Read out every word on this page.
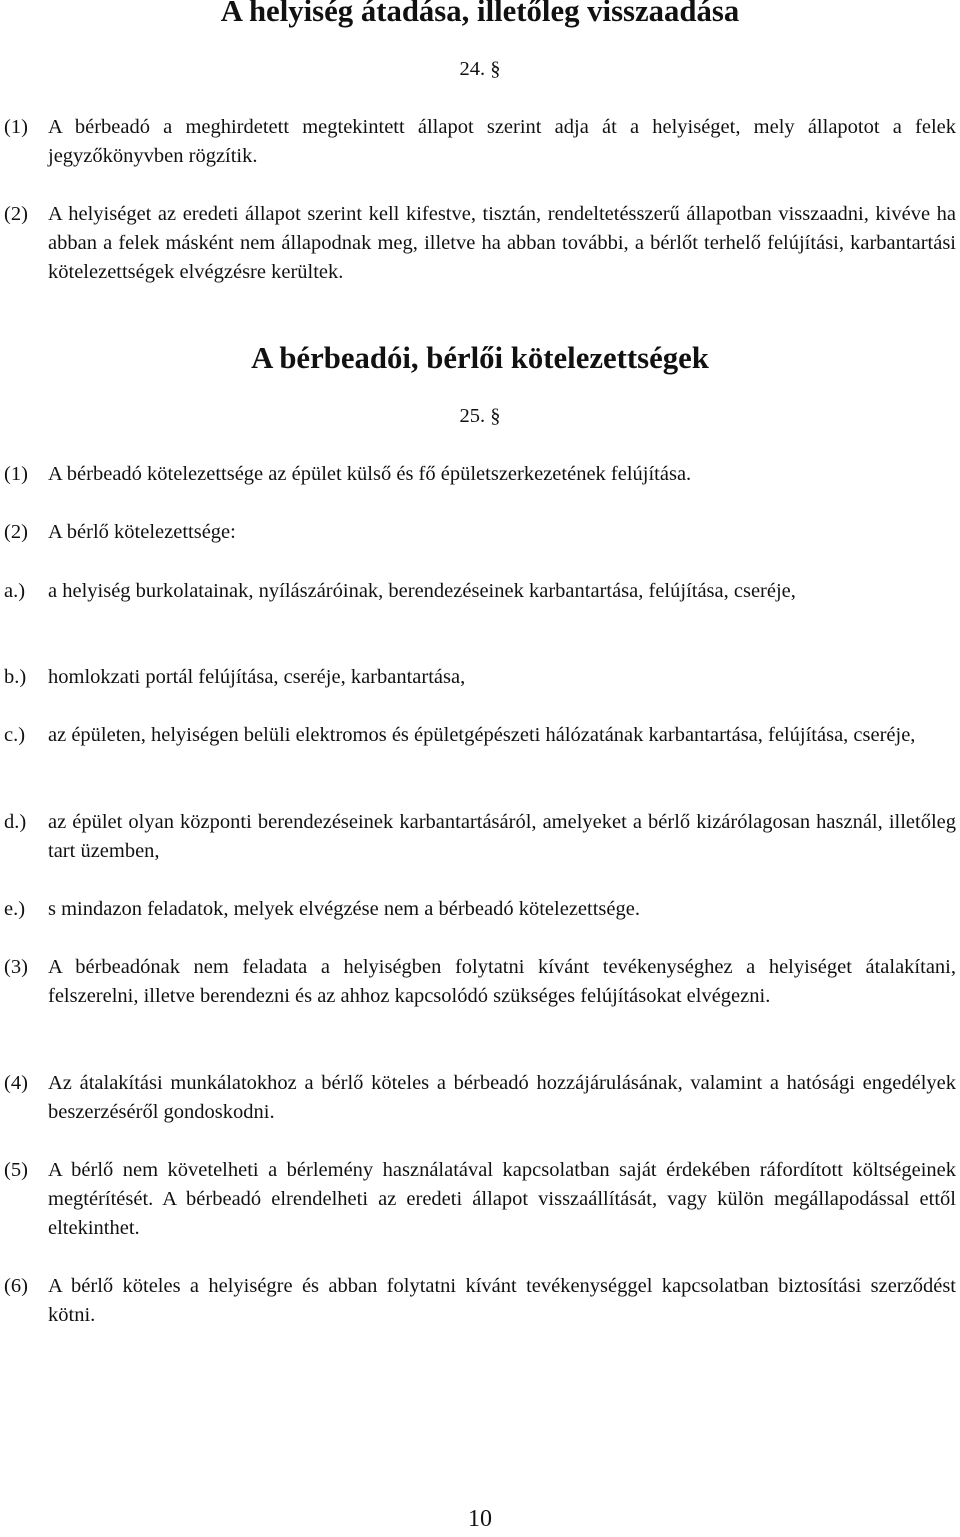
A helyiség átadása, illetőleg visszaadása

24. §

(1) A bérbeadó a meghirdetett megtekintett állapot szerint adja át a helyiséget, mely állapotot a felek jegyzőkönyvben rögzítik.
(2) A helyiséget az eredeti állapot szerint kell kifestve, tisztán, rendeltetésszerű állapotban visszaadni, kivéve ha abban a felek másként nem állapodnak meg, illetve ha abban további, a bérlőt terhelő felújítási, karbantartási kötelezettségek elvégzésre kerültek.
A bérbeadói, bérlői kötelezettségek

25. §

(1) A bérbeadó kötelezettsége az épület külső és fő épületszerkezetének felújítása.
(2) A bérlő kötelezettsége:
a.) a helyiség burkolatainak, nyílászáróinak, berendezéseinek karbantartása, felújítása, cseréje,
b.) homlokzati portál felújítása, cseréje, karbantartása,
c.) az épületen, helyiségen belüli elektromos és épületgépészeti hálózatának karbantartása, felújítása, cseréje,
d.) az épület olyan központi berendezéseinek karbantartásáról, amelyeket a bérlő kizárólagosan használ, illetőleg tart üzemben,
e.) s mindazon feladatok, melyek elvégzése nem a bérbeadó kötelezettsége.
(3) A bérbeadónak nem feladata a helyiségben folytatni kívánt tevékenységhez a helyiséget átalakítani, felszerelni, illetve berendezni és az ahhoz kapcsolódó szükséges felújításokat elvégezni.
(4) Az átalakítási munkálatokhoz a bérlő köteles a bérbeadó hozzájárulásának, valamint a hatósági engedélyek beszerzéséről gondoskodni.
(5) A bérlő nem követelheti a bérlemény használatával kapcsolatban saját érdekében ráfordított költségeinek megtérítését. A bérbeadó elrendelheti az eredeti állapot visszaállítását, vagy külön megállapodással ettől eltekinthet.
(6) A bérlő köteles a helyiségre és abban folytatni kívánt tevékenységgel kapcsolatban biztosítási szerződést kötni.
10
